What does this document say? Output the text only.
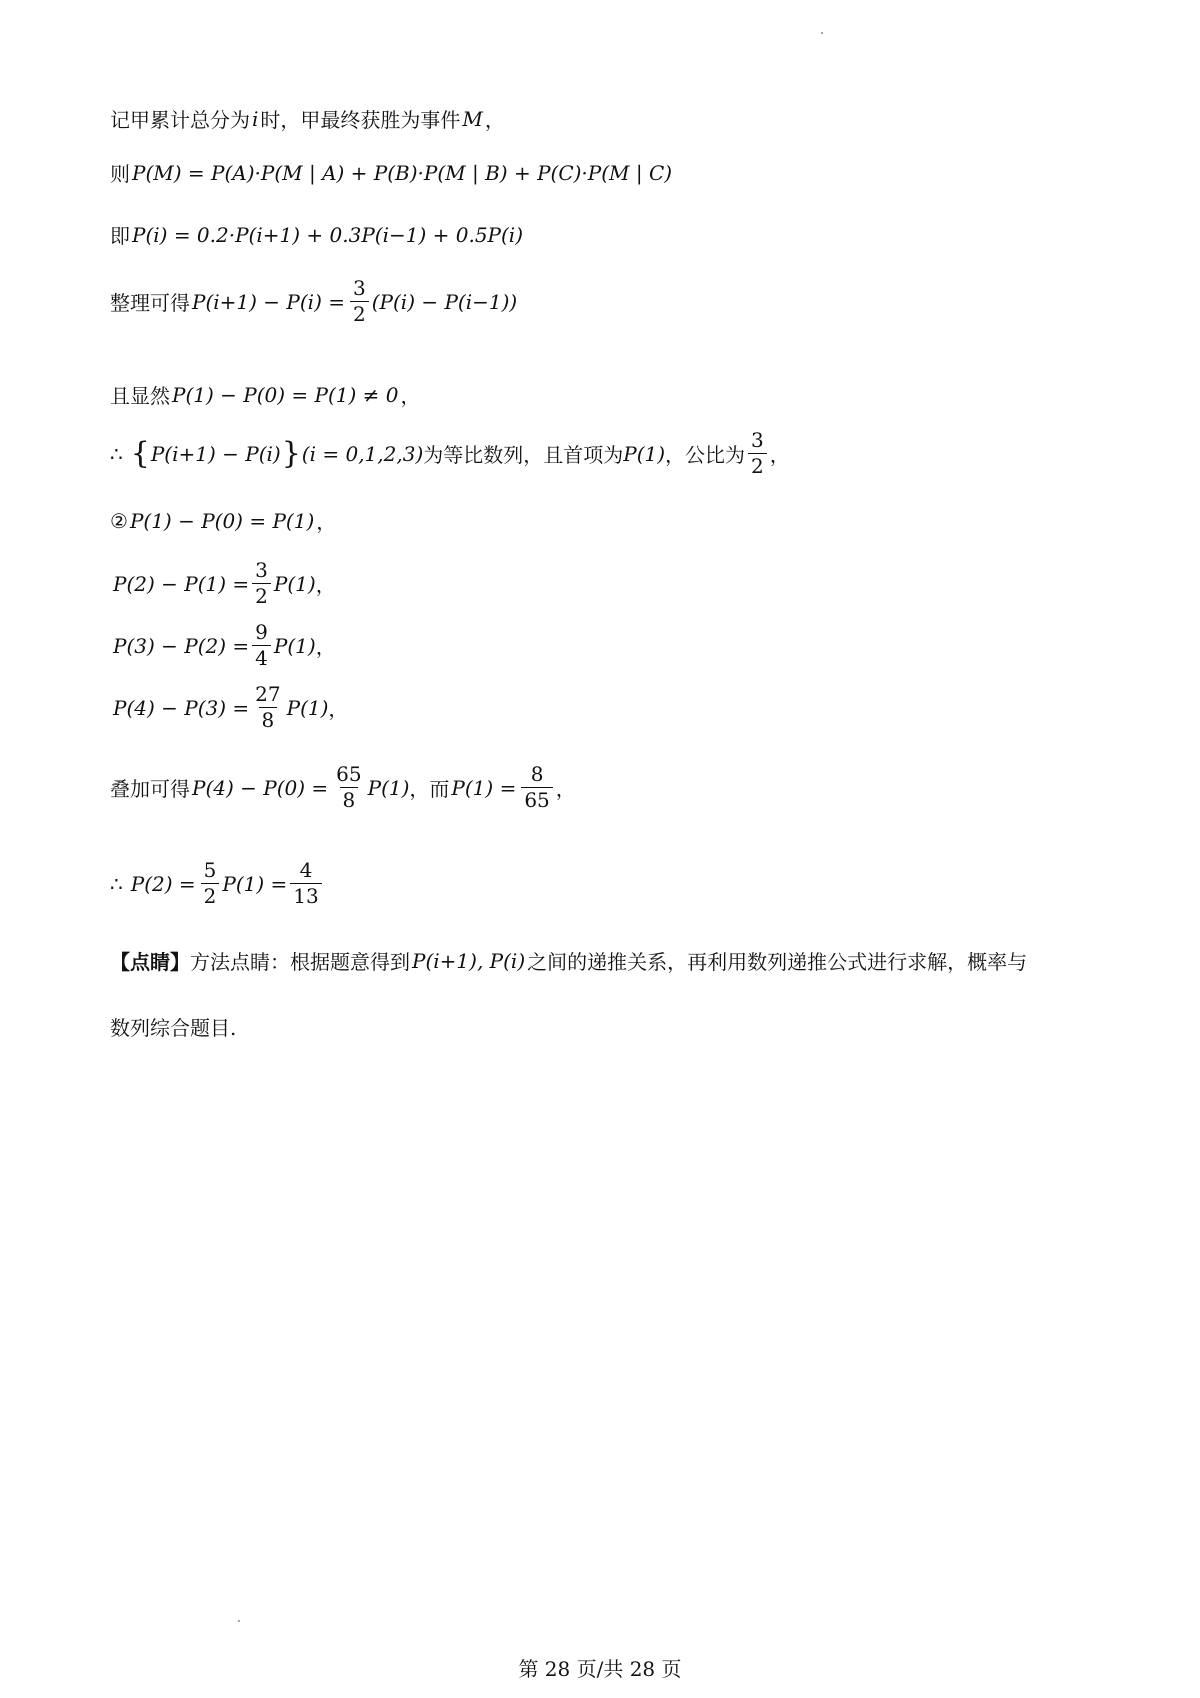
记甲累计总分为 i 时，甲最终获胜为事件 M ，
则 P(M) = P(A)·P(M | A) + P(B)·P(M | B) + P(C)·P(M | C)
即 P(i) = 0.2·P(i+1) + 0.3P(i−1) + 0.5P(i)
整理可得 $P(i+1) - P(i) = \frac{3}{2} (P(i) - P(i-1))$
且显然 P(1) − P(0) = P(1) ≠ 0 ，
∴ { P(i+1) − P(i) } (i = 0,1,2,3) 为等比数列，且首项为 P(1) ，公比为 $\frac{3}{2}$ ，
② P(1) − P(0) = P(1) ，
$P(2) - P(1) = \frac{3}{2} P(1)$ ，
$P(3) - P(2) = \frac{9}{4} P(1)$ ，
$P(4) - P(3) = \frac{27}{8} P(1)$ ，
叠加可得 $P(4) - P(0) = \frac{65}{8} P(1)$ ，而 $P(1) = \frac{8}{65}$ ，
∴ $P(2) = \frac{5}{2} P(1) = \frac{4}{13}$
【点睛】 方法点睛：根据题意得到 P(i+1), P(i) 之间的递推关系，再利用数列递推公式进行求解，概率与
数列综合题目.
第 28 页/共 28 页
